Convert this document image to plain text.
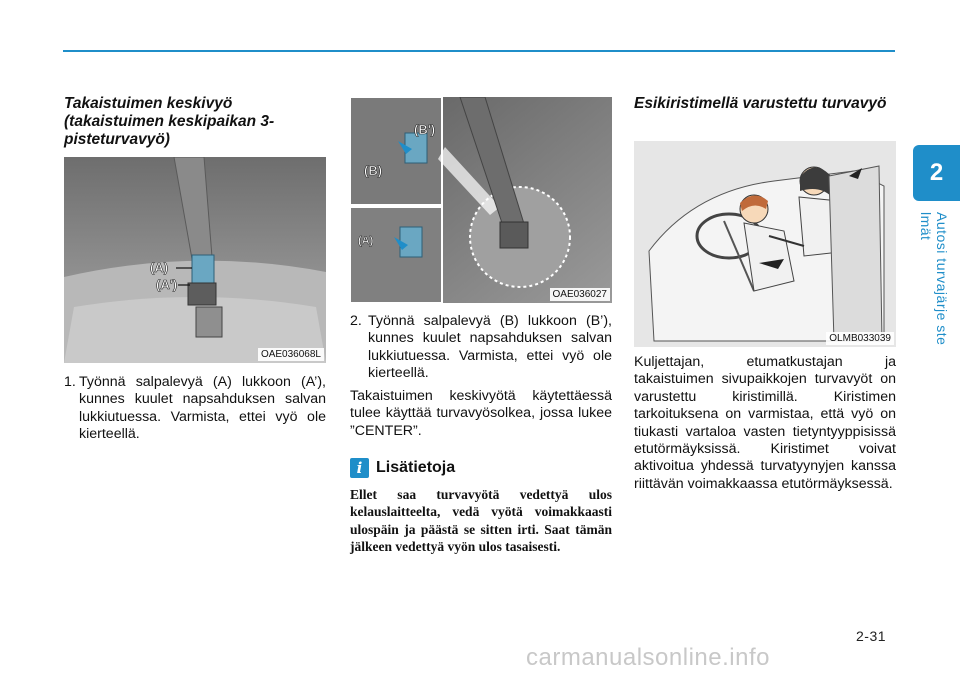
2
Autosi turvajärje ste lmät
Takaistuimen keskivyö (takaistuimen keskipaikan 3-pisteturvavyö)
(A)
(A')
OAE036068L
1. Työnnä salpalevyä (A) lukkoon (A’), kunnes kuulet napsahduksen salvan lukkiutuessa. Varmista, ettei vyö ole kierteellä.
(B')
(B)
(A)
OAE036027
2. Työnnä salpalevyä (B) lukkoon (B’), kunnes kuulet napsahduksen salvan lukkiutuessa. Varmista, ettei vyö ole kierteellä.
Takaistuimen keskivyötä käytettäessä tulee käyttää turvavyösolkea, jossa lukee ”CENTER”.
i Lisätietoja
Ellet saa turvavyötä vedettyä ulos kelauslaitteelta, vedä vyötä voimakkaasti ulospäin ja päästä se sitten irti. Saat tämän jälkeen vedettyä vyön ulos tasaisesti.
Esikiristimellä varustettu turvavyö
OLMB033039
Kuljettajan, etumatkustajan ja takaistuimen sivupaikkojen turvavyöt on varustettu kiristimillä. Kiristimen tarkoituksena on varmistaa, että vyö on tiukasti vartaloa vasten tietyntyyppisissä etutörmäyksissä. Kiristimet voivat aktivoitua yhdessä turvatyynyjen kanssa riittävän voimakkaassa etutörmäyksessä.
2-31
carmanualsonline.info
